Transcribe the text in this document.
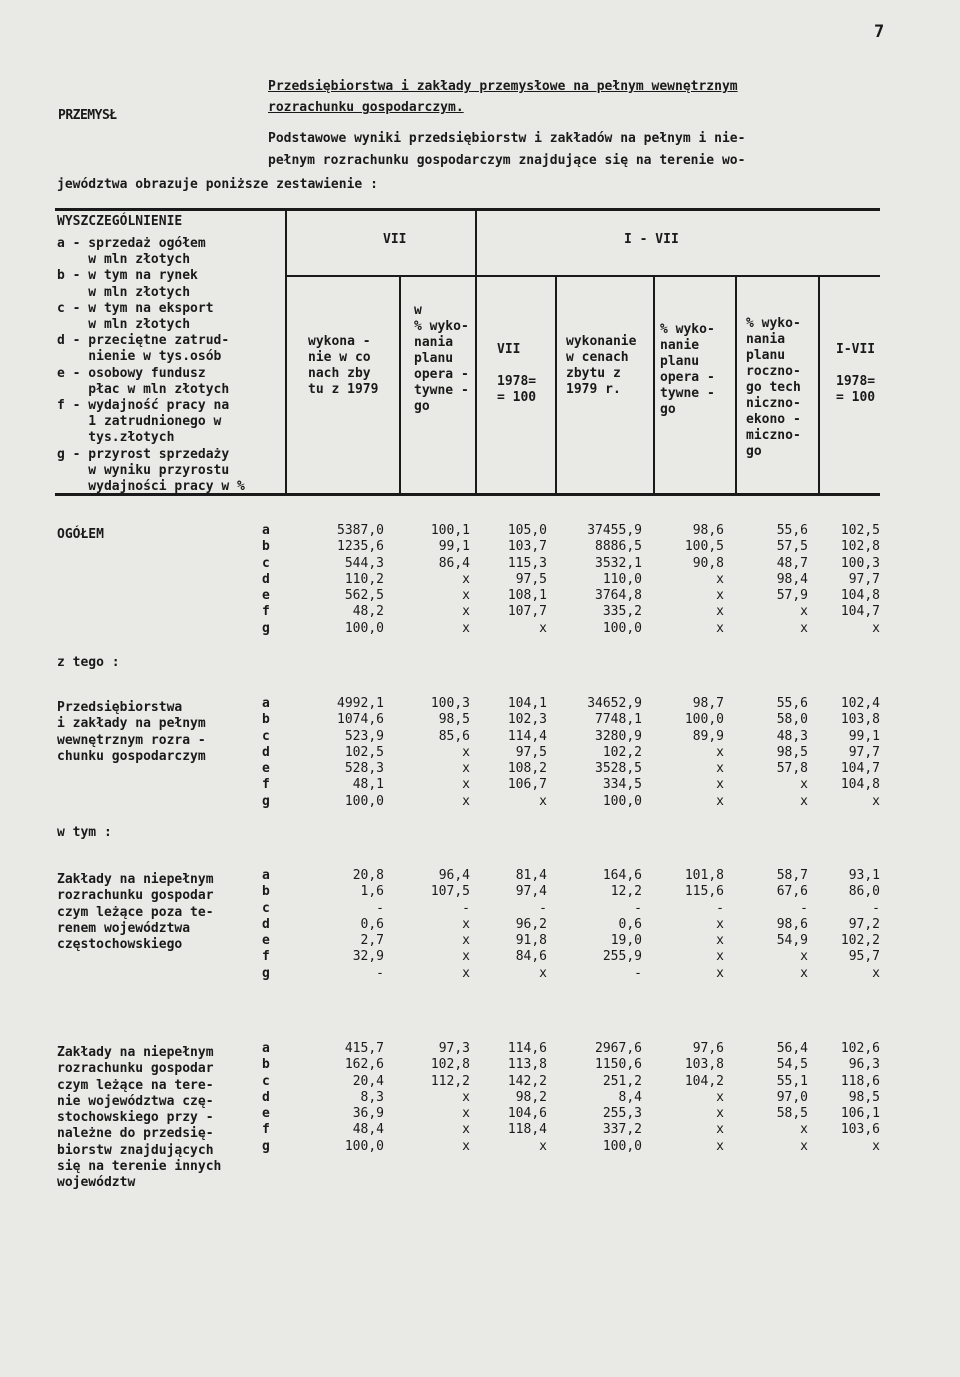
7
PRZEMYSŁ
Przedsiębiorstwa i zakłady przemysłowe na pełnym wewnętrznym
rozrachunku gospodarczym.
Podstawowe wyniki przedsiębiorstw i zakładów na pełnym i nie-
pełnym rozrachunku gospodarczym znajdujące się na terenie wo-
jewództwa obrazuje poniższe zestawienie :
WYSZCZEGÓLNIENIE
a - sprzedaż ogółem
w mln złotych
b - w tym na rynek
w mln złotych
c - w tym na eksport
w mln złotych
d - przeciętne zatrud-
nienie w tys.osób
e - osobowy fundusz
płac w mln złotych
f - wydajność pracy na
1 zatrudnionego w
tys.złotych
g - przyrost sprzedaży
w wyniku przyrostu
wydajności pracy w %
VII	I - VII
wykona -
nie w co
nach zby
tu z 1979
w
% wyko-
nania
planu
opera -
tywne -
go
VII

1978=
= 100
wykonanie
w cenach
zbytu z
1979 r.
% wyko-
nanie
planu
opera -
tywne -
go
% wyko-
nania
planu
roczno-
go tech
niczno-
ekono -
miczno-
go
I-VII

1978=
= 100
OGÓŁEM	a
b
c
d
e
f
g
5387,0
1235,6
544,3
110,2
562,5
48,2
100,0
100,1
99,1
86,4
x
x
x
x
105,0
103,7
115,3
97,5
108,1
107,7
x
37455,9
8886,5
3532,1
110,0
3764,8
335,2
100,0
98,6
100,5
90,8
x
x
x
x
55,6
57,5
48,7
98,4
57,9
x
x
102,5
102,8
100,3
97,7
104,8
104,7
x
z tego :
Przedsiębiorstwa
i zakłady na pełnym
wewnętrznym rozra -
chunku gospodarczym
a
b
c
d
e
f
g
4992,1
1074,6
523,9
102,5
528,3
48,1
100,0
100,3
98,5
85,6
x
x
x
x
104,1
102,3
114,4
97,5
108,2
106,7
x
34652,9
7748,1
3280,9
102,2
3528,5
334,5
100,0
98,7
100,0
89,9
x
x
x
x
55,6
58,0
48,3
98,5
57,8
x
x
102,4
103,8
99,1
97,7
104,7
104,8
x
w tym :
Zakłady na niepełnym
rozrachunku gospodar
czym leżące poza te-
renem województwa
częstochowskiego
a
b
c
d
e
f
g
20,8
1,6
-
0,6
2,7
32,9
-
96,4
107,5
-
x
x
x
x
81,4
97,4
-
96,2
91,8
84,6
x
164,6
12,2
-
0,6
19,0
255,9
-
101,8
115,6
-
x
x
x
x
58,7
67,6
-
98,6
54,9
x
x
93,1
86,0
-
97,2
102,2
95,7
x
Zakłady na niepełnym
rozrachunku gospodar
czym leżące na tere-
nie województwa czę-
stochowskiego przy -
należne do przedsię-
biorstw znajdujących
się na terenie innych
województw
a
b
c
d
e
f
g
415,7
162,6
20,4
8,3
36,9
48,4
100,0
97,3
102,8
112,2
x
x
x
x
114,6
113,8
142,2
98,2
104,6
118,4
x
2967,6
1150,6
251,2
8,4
255,3
337,2
100,0
97,6
103,8
104,2
x
x
x
x
56,4
54,5
55,1
97,0
58,5
x
x
102,6
96,3
118,6
98,5
106,1
103,6
x
